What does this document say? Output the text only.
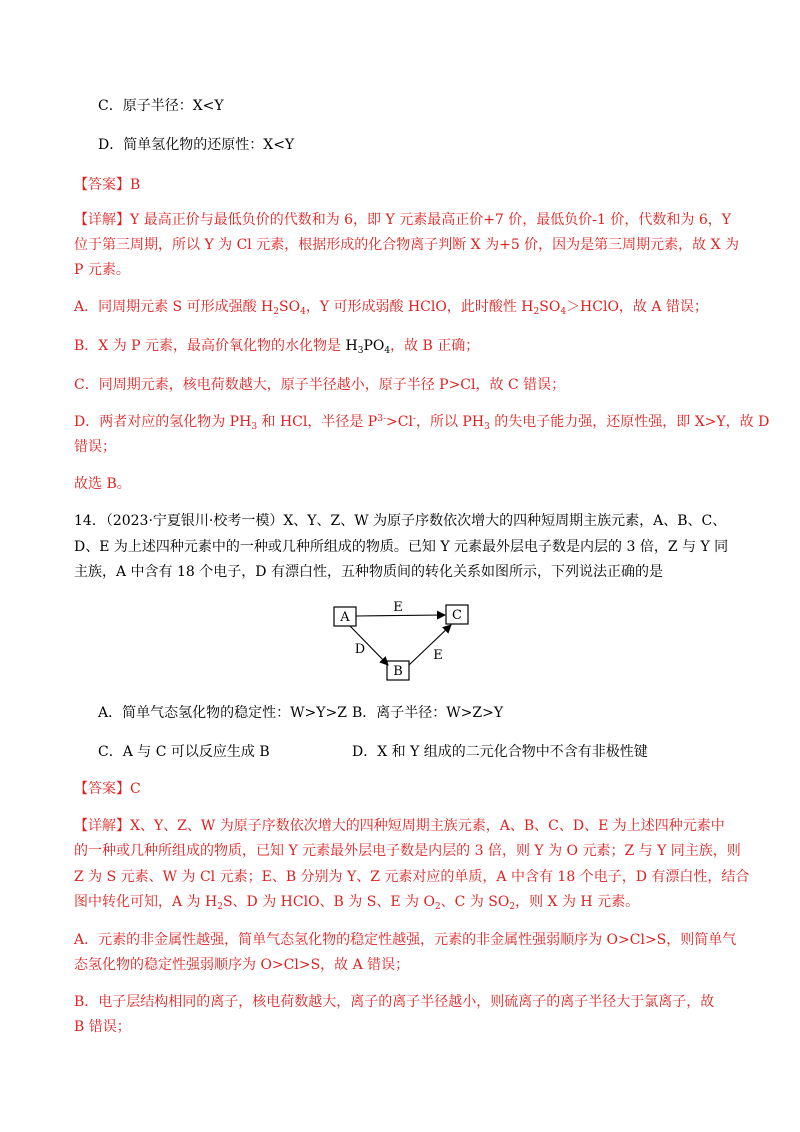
C．原子半径：X<Y
D．简单氢化物的还原性：X<Y
【答案】B
【详解】Y 最高正价与最低负价的代数和为 6，即 Y 元素最高正价+7 价，最低负价-1 价，代数和为 6，Y
位于第三周期，所以 Y 为 Cl 元素，根据形成的化合物离子判断 X 为+5 价，因为是第三周期元素，故 X 为
P 元素。
A．同周期元素 S 可形成强酸 $H_2SO_4$，Y 可形成弱酸 HClO，此时酸性 $H_2SO_4>HClO$，故 A 错误；
B．X 为 P 元素，最高价氧化物的水化物是 $H_3PO_4$，故 B 正确；
C．同周期元素，核电荷数越大，原子半径越小，原子半径 P>Cl，故 C 错误；
D．两者对应的氢化物为 $PH_3$ 和 HCl，半径是 $P^{3-}>Cl^-$，所以 $PH_3$ 的失电子能力强，还原性强，即 X>Y，故 D
错误；
故选 B。
14．（2023·宁夏银川·校考一模）X、Y、Z、W 为原子序数依次增大的四种短周期主族元素，A、B、C、
D、E 为上述四种元素中的一种或几种所组成的物质。已知 Y 元素最外层电子数是内层的 3 倍，Z 与 Y 同
主族，A 中含有 18 个电子，D 有漂白性，五种物质间的转化关系如图所示，下列说法正确的是
A	C
B
E
D	E
A．简单气态氢化物的稳定性：W>Y>Z B．离子半径：W>Z>Y
C．A 与 C 可以反应生成 B	D．X 和 Y 组成的二元化合物中不含有非极性键
【答案】C
【详解】X、Y、Z、W 为原子序数依次增大的四种短周期主族元素，A、B、C、D、E 为上述四种元素中
的一种或几种所组成的物质，已知 Y 元素最外层电子数是内层的 3 倍，则 Y 为 O 元素；Z 与 Y 同主族，则
Z 为 S 元素、W 为 Cl 元素；E、B 分别为 Y、Z 元素对应的单质，A 中含有 18 个电子，D 有漂白性，结合
图中转化可知，A 为 $H_2S$、D 为 HClO、B 为 S、E 为 $O_2$、C 为 $SO_2$，则 X 为 H 元素。
A．元素的非金属性越强，简单气态氢化物的稳定性越强，元素的非金属性强弱顺序为 O>Cl>S，则简单气
态氢化物的稳定性强弱顺序为 O>Cl>S，故 A 错误；
B．电子层结构相同的离子，核电荷数越大，离子的离子半径越小，则硫离子的离子半径大于氯离子，故
B 错误；
